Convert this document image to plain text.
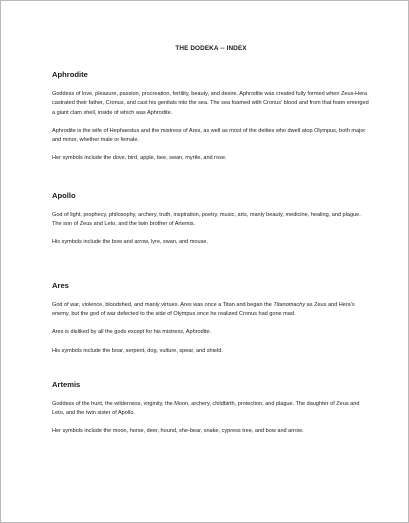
THE DODEKA -- INDEX
Aphrodite
Goddess of love, pleasure, passion, procreation, fertility, beauty, and desire. Aphrodite was created fully formed when Zeus-Hera castrated their father, Cronus, and cast his genitals into the sea. The sea foamed with Cronus' blood and from that foam emerged a giant clam shell, inside of which was Aphrodite.
Aphrodite is the wife of Hephaestus and the mistress of Ares, as well as most of the deities who dwell atop Olympus, both major and minor, whether male or female.
Her symbols include the dove, bird, apple, bee, swan, myrtle, and rose.
Apollo
God of light, prophecy, philosophy, archery, truth, inspiration, poetry, music, arts, manly beauty, medicine, healing, and plague. The son of Zeus and Leto, and the twin brother of Artemis.
His symbols include the bow and arrow, lyre, swan, and mouse.
Ares
God of war, violence, bloodshed, and manly virtues. Ares was once a Titan and began the Titanomachy as Zeus and Hera's enemy, but the god of war defected to the side of Olympus once he realized Cronus had gone mad.
Ares is disliked by all the gods except for his mistress, Aphrodite.
His symbols include the boar, serpent, dog, vulture, spear, and shield.
Artemis
Goddess of the hunt, the wilderness, virginity, the Moon, archery, childbirth, protection, and plague. The daughter of Zeus and Leto, and the twin sister of Apollo.
Her symbols include the moon, horse, deer, hound, she-bear, snake, cypress tree, and bow and arrow.
